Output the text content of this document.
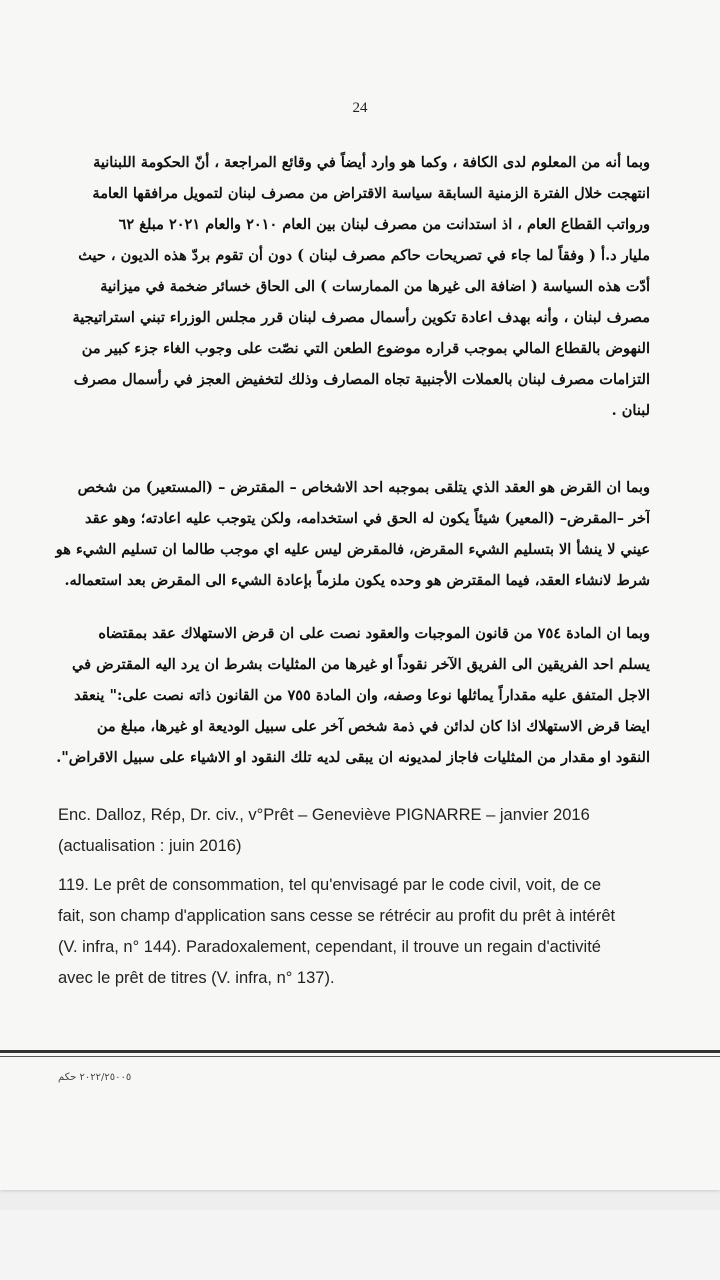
24
وبما أنه من المعلوم لدى الكافة ، وكما هو وارد أيضاً في وقائع المراجعة ، أنّ الحكومة اللبنانية
انتهجت خلال الفترة الزمنية السابقة سياسة الاقتراض من مصرف لبنان لتمويل مرافقها العامة
ورواتب القطاع العام ، اذ استدانت من مصرف لبنان بين العام ٢٠١٠ والعام ٢٠٢١ مبلغ ٦٢
مليار د.أ ( وفقاً لما جاء في تصريحات حاكم مصرف لبنان ) دون أن تقوم بردّ هذه الديون ، حيث
أدّت هذه السياسة ( اضافة الى غيرها من الممارسات ) الى الحاق خسائر ضخمة في ميزانية
مصرف لبنان ، وأنه بهدف اعادة تكوين رأسمال مصرف لبنان قرر مجلس الوزراء تبني استراتيجية
النهوض بالقطاع المالي بموجب قراره موضوع الطعن التي نصّت على وجوب الغاء جزء كبير من
التزامات مصرف لبنان بالعملات الأجنبية تجاه المصارف وذلك لتخفيض العجز في رأسمال مصرف
لبنان .
وبما ان القرض هو العقد الذي يتلقى بموجبه احد الاشخاص – المقترض – (المستعير) من شخص
آخر –المقرض– (المعير) شيئاً يكون له الحق في استخدامه، ولكن يتوجب عليه اعادته؛ وهو عقد
عيني لا ينشأ الا بتسليم الشيء المقرض، فالمقرض ليس عليه اي موجب طالما ان تسليم الشيء هو
شرط لانشاء العقد، فيما المقترض هو وحده يكون ملزماً بإعادة الشيء الى المقرض بعد استعماله.
وبما ان المادة ٧٥٤ من قانون الموجبات والعقود نصت على ان قرض الاستهلاك عقد بمقتضاه
يسلم احد الفريقين الى الفريق الآخر نقوداً او غيرها من المثليات بشرط ان يرد اليه المقترض في
الاجل المتفق عليه مقداراً يماثلها نوعا وصفه، وان المادة ٧٥٥ من القانون ذاته نصت على:" ينعقد
ايضا قرض الاستهلاك اذا كان لدائن في ذمة شخص آخر على سبيل الوديعة او غيرها، مبلغ من
النقود او مقدار من المثليات فاجاز لمديونه ان يبقى لديه تلك النقود او الاشياء على سبيل الاقراض".
Enc. Dalloz, Rép, Dr. civ., v°Prêt – Geneviève PIGNARRE – janvier 2016
(actualisation : juin 2016)
119. Le prêt de consommation, tel qu'envisagé par le code civil, voit, de ce
fait, son champ d'application sans cesse se rétrécir au profit du prêt à intérêt
(V. infra, n° 144). Paradoxalement, cependant, il trouve un regain d'activité
avec le prêt de titres (V. infra, n° 137).
٢٠٢٢/٢٥٠٠٥ حكم
